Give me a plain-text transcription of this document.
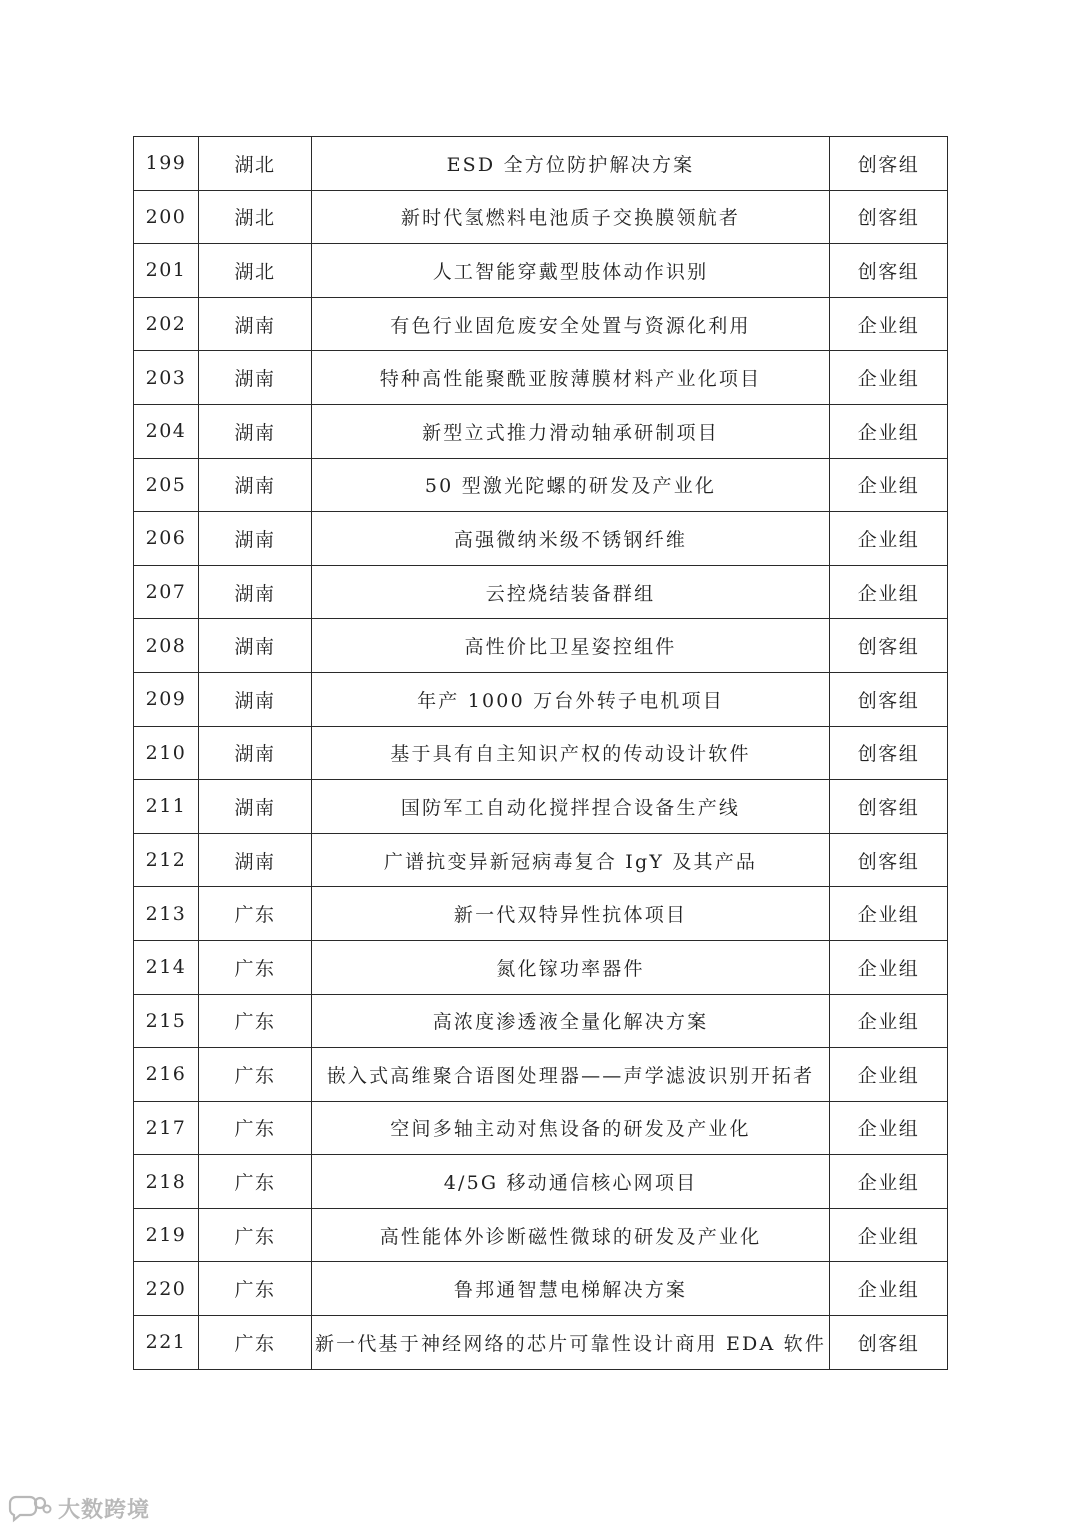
199	湖北	ESD 全方位防护解决方案	创客组
200	湖北	新时代氢燃料电池质子交换膜领航者	创客组
201	湖北	人工智能穿戴型肢体动作识别	创客组
202	湖南	有色行业固危废安全处置与资源化利用	企业组
203	湖南	特种高性能聚酰亚胺薄膜材料产业化项目	企业组
204	湖南	新型立式推力滑动轴承研制项目	企业组
205	湖南	50 型激光陀螺的研发及产业化	企业组
206	湖南	高强微纳米级不锈钢纤维	企业组
207	湖南	云控烧结装备群组	企业组
208	湖南	高性价比卫星姿控组件	创客组
209	湖南	年产 1000 万台外转子电机项目	创客组
210	湖南	基于具有自主知识产权的传动设计软件	创客组
211	湖南	国防军工自动化搅拌捏合设备生产线	创客组
212	湖南	广谱抗变异新冠病毒复合 IgY 及其产品	创客组
213	广东	新一代双特异性抗体项目	企业组
214	广东	氮化镓功率器件	企业组
215	广东	高浓度渗透液全量化解决方案	企业组
216	广东	嵌入式高维聚合语图处理器——声学滤波识别开拓者	企业组
217	广东	空间多轴主动对焦设备的研发及产业化	企业组
218	广东	4/5G 移动通信核心网项目	企业组
219	广东	高性能体外诊断磁性微球的研发及产业化	企业组
220	广东	鲁邦通智慧电梯解决方案	企业组
221	广东	新一代基于神经网络的芯片可靠性设计商用 EDA 软件	创客组
大数跨境
